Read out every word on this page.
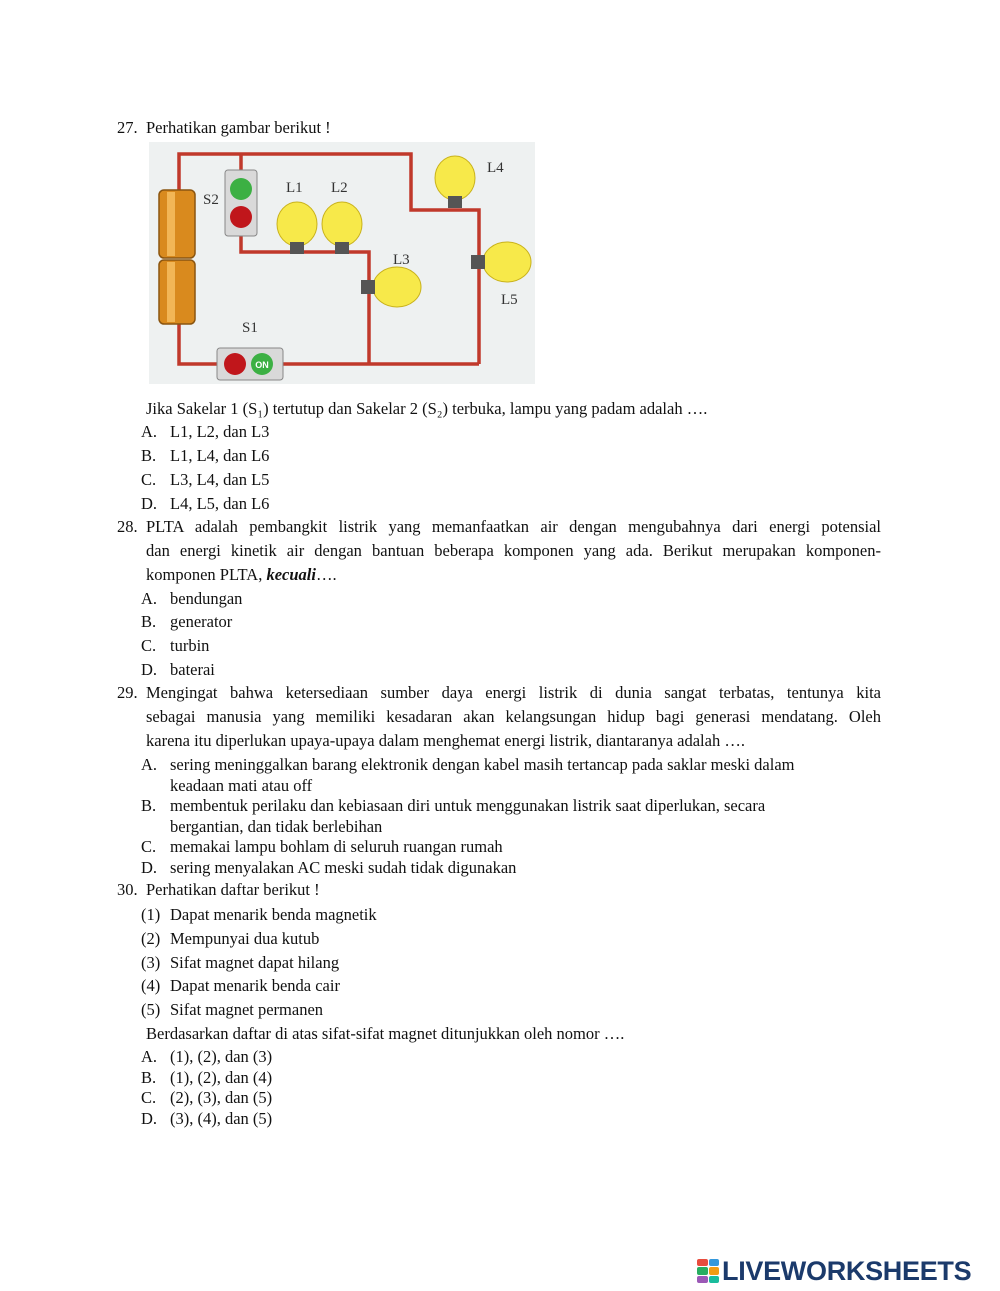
27. Perhatikan gambar berikut !
ON
S2
L1 L2
L3
L4
L5
S1
Jika Sakelar 1 (S₁) tertutup dan Sakelar 2 (S₂) terbuka, lampu yang padam adalah ….
A. L1, L2, dan L3
B. L1, L4, dan L6
C. L3, L4, dan L5
D. L4, L5, dan L6
28. PLTA adalah pembangkit listrik yang memanfaatkan air dengan mengubahnya dari energi potensial
dan energi kinetik air dengan bantuan beberapa komponen yang ada. Berikut merupakan komponen-
komponen PLTA, kecuali….
A. bendungan
B. generator
C. turbin
D. baterai
29. Mengingat bahwa ketersediaan sumber daya energi listrik di dunia sangat terbatas, tentunya kita
sebagai manusia yang memiliki kesadaran akan kelangsungan hidup bagi generasi mendatang. Oleh
karena itu diperlukan upaya-upaya dalam menghemat energi listrik, diantaranya adalah ….
A. sering meninggalkan barang elektronik dengan kabel masih tertancap pada saklar meski dalam
keadaan mati atau off
B. membentuk perilaku dan kebiasaan diri untuk menggunakan listrik saat diperlukan, secara
bergantian, dan tidak berlebihan
C. memakai lampu bohlam di seluruh ruangan rumah
D. sering menyalakan AC meski sudah tidak digunakan
30. Perhatikan daftar berikut !
(1) Dapat menarik benda magnetik
(2) Mempunyai dua kutub
(3) Sifat magnet dapat hilang
(4) Dapat menarik benda cair
(5) Sifat magnet permanen
Berdasarkan daftar di atas sifat-sifat magnet ditunjukkan oleh nomor ….
A. (1), (2), dan (3)
B. (1), (2), dan (4)
C. (2), (3), dan (5)
D. (3), (4), dan (5)
LIVEWORKSHEETS
